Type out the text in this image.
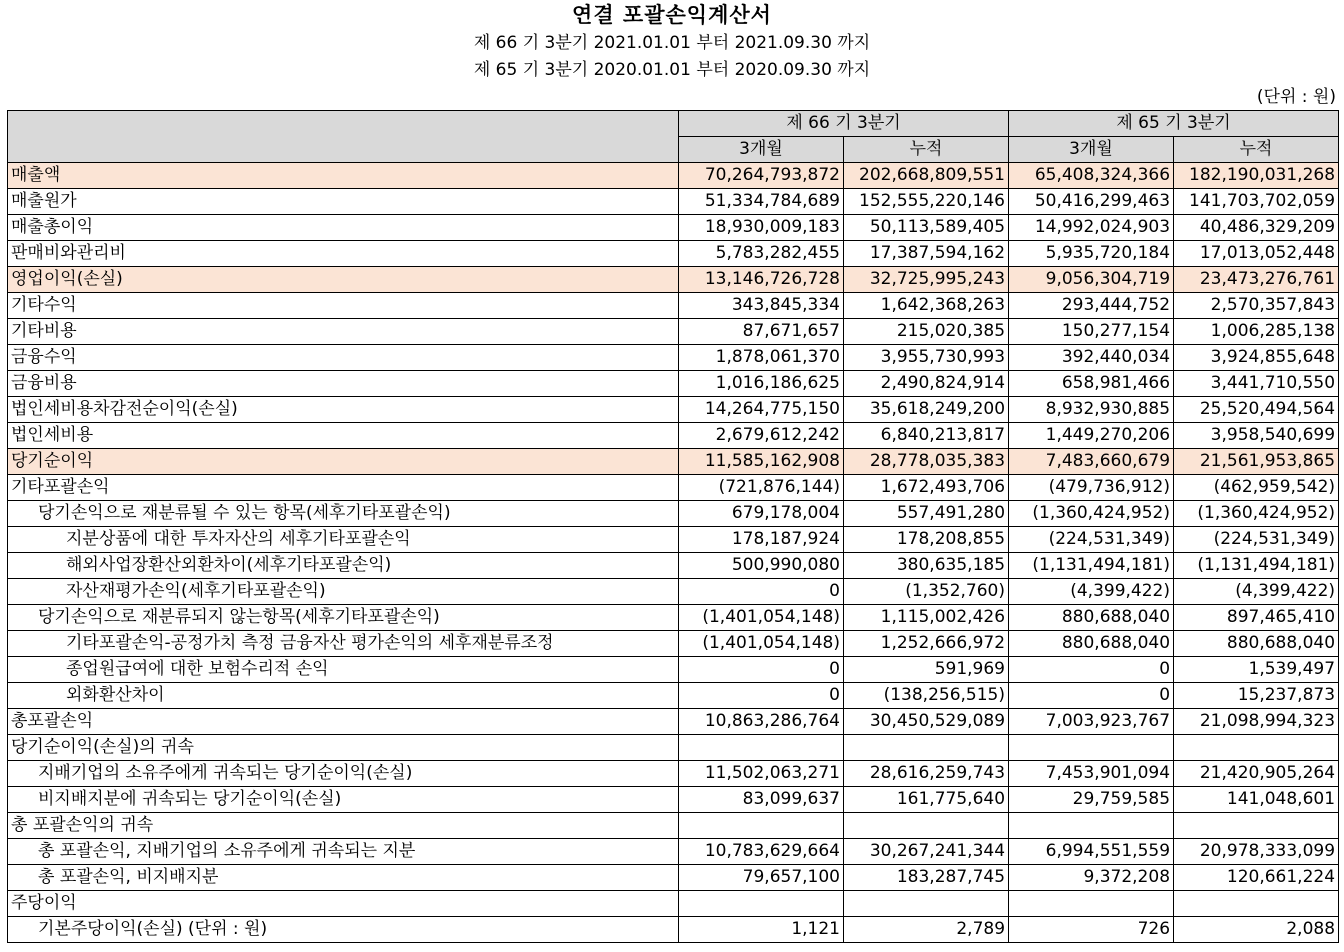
연결 포괄손익계산서
제 66 기 3분기 2021.01.01 부터 2021.09.30 까지
제 65 기 3분기 2020.01.01 부터 2020.09.30 까지
(단위 : 원)
	제 66 기 3분기		제 65 기 3분기	
	3개월	누적	3개월	누적
매출액	70,264,793,872	202,668,809,551	65,408,324,366	182,190,031,268
매출원가	51,334,784,689	152,555,220,146	50,416,299,463	141,703,702,059
매출총이익	18,930,009,183	50,113,589,405	14,992,024,903	40,486,329,209
판매비와관리비	5,783,282,455	17,387,594,162	5,935,720,184	17,013,052,448
영업이익(손실)	13,146,726,728	32,725,995,243	9,056,304,719	23,473,276,761
기타수익	343,845,334	1,642,368,263	293,444,752	2,570,357,843
기타비용	87,671,657	215,020,385	150,277,154	1,006,285,138
금융수익	1,878,061,370	3,955,730,993	392,440,034	3,924,855,648
금융비용	1,016,186,625	2,490,824,914	658,981,466	3,441,710,550
법인세비용차감전순이익(손실)	14,264,775,150	35,618,249,200	8,932,930,885	25,520,494,564
법인세비용	2,679,612,242	6,840,213,817	1,449,270,206	3,958,540,699
당기순이익	11,585,162,908	28,778,035,383	7,483,660,679	21,561,953,865
기타포괄손익	(721,876,144)	1,672,493,706	(479,736,912)	(462,959,542)
당기손익으로 재분류될 수 있는 항목(세후기타포괄손익)	679,178,004	557,491,280	(1,360,424,952)	(1,360,424,952)
지분상품에 대한 투자자산의 세후기타포괄손익	178,187,924	178,208,855	(224,531,349)	(224,531,349)
해외사업장환산외환차이(세후기타포괄손익)	500,990,080	380,635,185	(1,131,494,181)	(1,131,494,181)
자산재평가손익(세후기타포괄손익)	0	(1,352,760)	(4,399,422)	(4,399,422)
당기손익으로 재분류되지 않는항목(세후기타포괄손익)	(1,401,054,148)	1,115,002,426	880,688,040	897,465,410
기타포괄손익-공정가치 측정 금융자산 평가손익의 세후재분류조정	(1,401,054,148)	1,252,666,972	880,688,040	880,688,040
종업원급여에 대한 보험수리적 손익	0	591,969	0	1,539,497
외화환산차이	0	(138,256,515)	0	15,237,873
총포괄손익	10,863,286,764	30,450,529,089	7,003,923,767	21,098,994,323
당기순이익(손실)의 귀속				
지배기업의 소유주에게 귀속되는 당기순이익(손실)	11,502,063,271	28,616,259,743	7,453,901,094	21,420,905,264
비지배지분에 귀속되는 당기순이익(손실)	83,099,637	161,775,640	29,759,585	141,048,601
총 포괄손익의 귀속				
총 포괄손익, 지배기업의 소유주에게 귀속되는 지분	10,783,629,664	30,267,241,344	6,994,551,559	20,978,333,099
총 포괄손익, 비지배지분	79,657,100	183,287,745	9,372,208	120,661,224
주당이익				
기본주당이익(손실) (단위 : 원)	1,121	2,789	726	2,088
